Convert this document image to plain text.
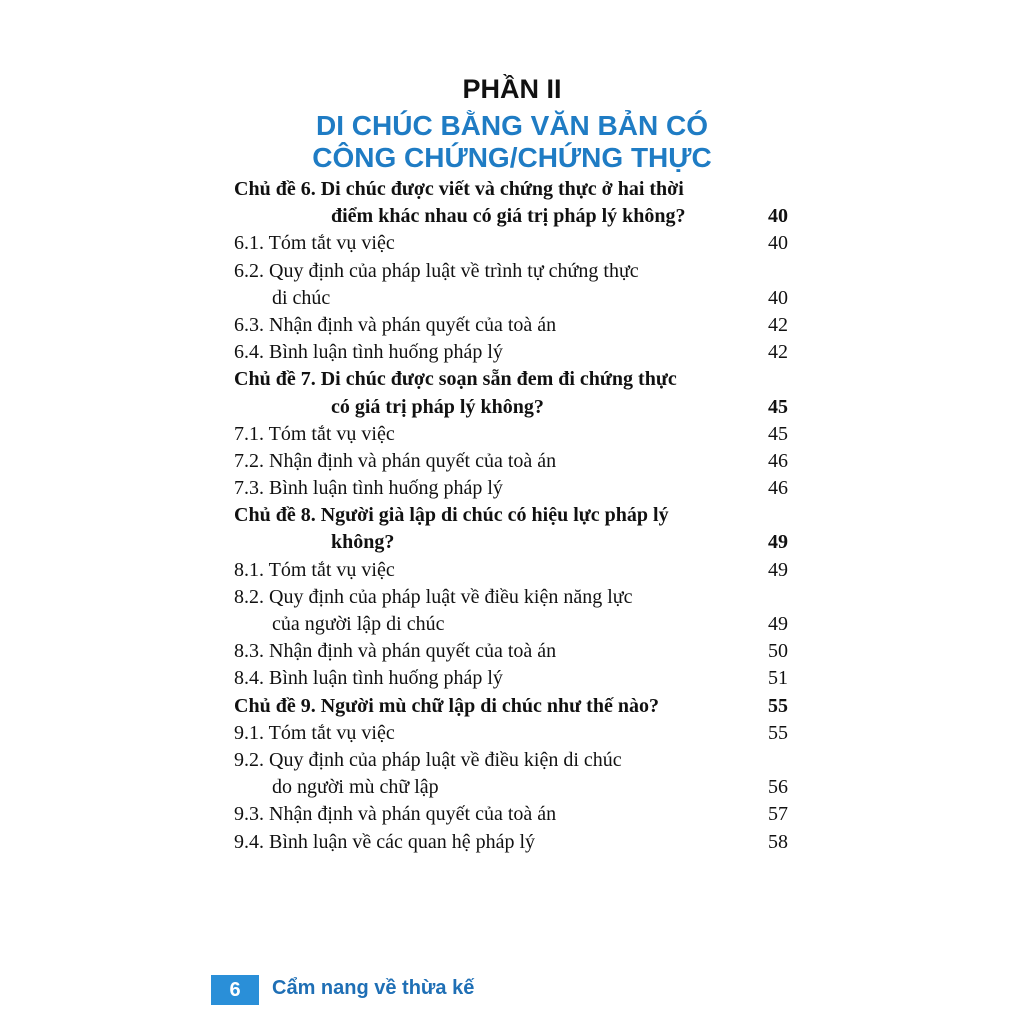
PHẦN II
DI CHÚC BẰNG VĂN BẢN CÓ
CÔNG CHỨNG/CHỨNG THỰC
Chủ đề 6. Di chúc được viết và chứng thực ở hai thời
điểm khác nhau có giá trị pháp lý không?	40
6.1. Tóm tắt vụ việc	40
6.2. Quy định của pháp luật về trình tự chứng thực
di chúc	40
6.3. Nhận định và phán quyết của toà án	42
6.4. Bình luận tình huống pháp lý	42
Chủ đề 7. Di chúc được soạn sẵn đem đi chứng thực
có giá trị pháp lý không?	45
7.1. Tóm tắt vụ việc	45
7.2. Nhận định và phán quyết của toà án	46
7.3. Bình luận tình huống pháp lý	46
Chủ đề 8. Người già lập di chúc có hiệu lực pháp lý
không?	49
8.1. Tóm tắt vụ việc	49
8.2. Quy định của pháp luật về điều kiện năng lực
của người lập di chúc	49
8.3. Nhận định và phán quyết của toà án	50
8.4. Bình luận tình huống pháp lý	51
Chủ đề 9. Người mù chữ lập di chúc như thế nào?	55
9.1. Tóm tắt vụ việc	55
9.2. Quy định của pháp luật về điều kiện di chúc
do người mù chữ lập	56
9.3. Nhận định và phán quyết của toà án	57
9.4. Bình luận về các quan hệ pháp lý	58
6	Cẩm nang về thừa kế
